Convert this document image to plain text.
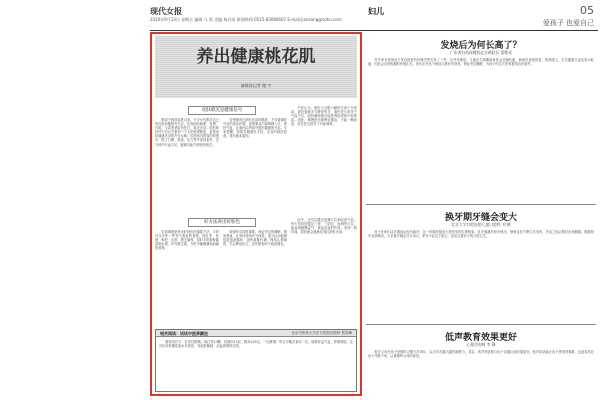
现代女报	妇儿	05
2020年9月13日 星期五 编辑 马 莉 美编 杨谷雨 新闻热线:0515-83080607 E-mail:jiankang@sohu.com	爱孩子 也爱自己
养出健康桃花肌
融媒体记者 谢 宇
皮肤暗沉是健康信号

都说千般面容胜百美。不少女性都对自己的皮肤问题格外关注，比如面色暗黄、发黑、长斑，又或者是脸色苍白、毫无光泽。面色的好坏不仅仅关系到一个人的美观程度，更是身体健康状况的外在反映。皮肤暗沉的原因有很多，除了日晒、熬夜、压力等外部因素外，还与体内气血不足、脏腑功能失调密切相关。

若想拥有红润有光泽的肌肤，不仅要做好外在的清洁护理，更需要从内部调理入手，养好气血，让面色由内而外透出健康的光彩。专家提醒，如果长期面色不佳，应及时就医检查，找出根本原因。

中医认为，面色与五脏六腑的关系十分密切。面色萎黄多与脾虚有关，面色苍白常见于气血不足，面色晦暗则可能是肾虚或体内有瘀血。因此，调理肤色要辨证施治，不能一概而论，应在医生指导下对症调养。

好方法养出好肤色

饮食调理是养出好肤色的重要方法。平时可以多吃一些补气养血的食物，如红枣、桂圆、枸杞、山药、黑芝麻等，同时多吃新鲜蔬菜和水果，补充维生素，少吃辛辣刺激和油腻的食物。

规律作息同样重要。保证充足的睡眠，避免熬夜，让身体得到充分休息；适当运动能够促进血液循环，加快新陈代谢；保持心情愉悦，学会释放压力，这些都有助于改善面色。

此外，还可以通过按摩穴位来改善气色。每天坚持按揉足三里、三阴交、血海等穴位，能起到健脾益气、养血活血的作用。坚持一段时间，面色就会逐渐变得红润有光泽。

相关阅读：试试中医养颜法	北京中医药大学东方医院皮肤科 贾雪峰

推荐食疗方：红枣桂圆粥。取红枣10颗、桂圆肉15克、粳米100克，一同煮粥，每日早晚各食用一次，能够补益气血、养颜润肤。还可以用玫瑰花泡水代茶饮，有疏肝解郁、活血养颜的功效。

发烧后为何长高了？
广东省妇幼保健院北京路院区 梁斯旻

许多家长发现孩子发烧痊愈后好像突然长高了一些，这并非错觉。儿童在生病期间身体会加速代谢，病愈后食欲恢复、营养跟上，生长激素分泌也较为旺盛，因此会出现短期的快速生长。家长应在孩子病后注意补充营养，保证充足睡眠，为孩子的生长发育提供良好条件。

换牙期牙缝会变大
北京大学口腔医院儿童口腔科 刘 鹤

孩子在6至12岁期间会经历换牙，这一时期牙缝变大是常见的生理现象。乳牙脱落后恒牙萌出，颌骨也在不断生长发育，牙齿之间会暂时出现缝隙。随着恒牙全部萌出，大多数牙缝会自行闭合，家长不必过于担心，但应注意孩子的口腔卫生。

低声教育效果更好
心理咨询师 李 静

很多父母在孩子犯错时习惯大声训斥，以为声音越大越有威慑力。其实，低声细语地与孩子沟通反而效果更好。低声说话能让孩子感受到尊重，也更容易让孩子冷静下来，认真倾听父母的意见。
